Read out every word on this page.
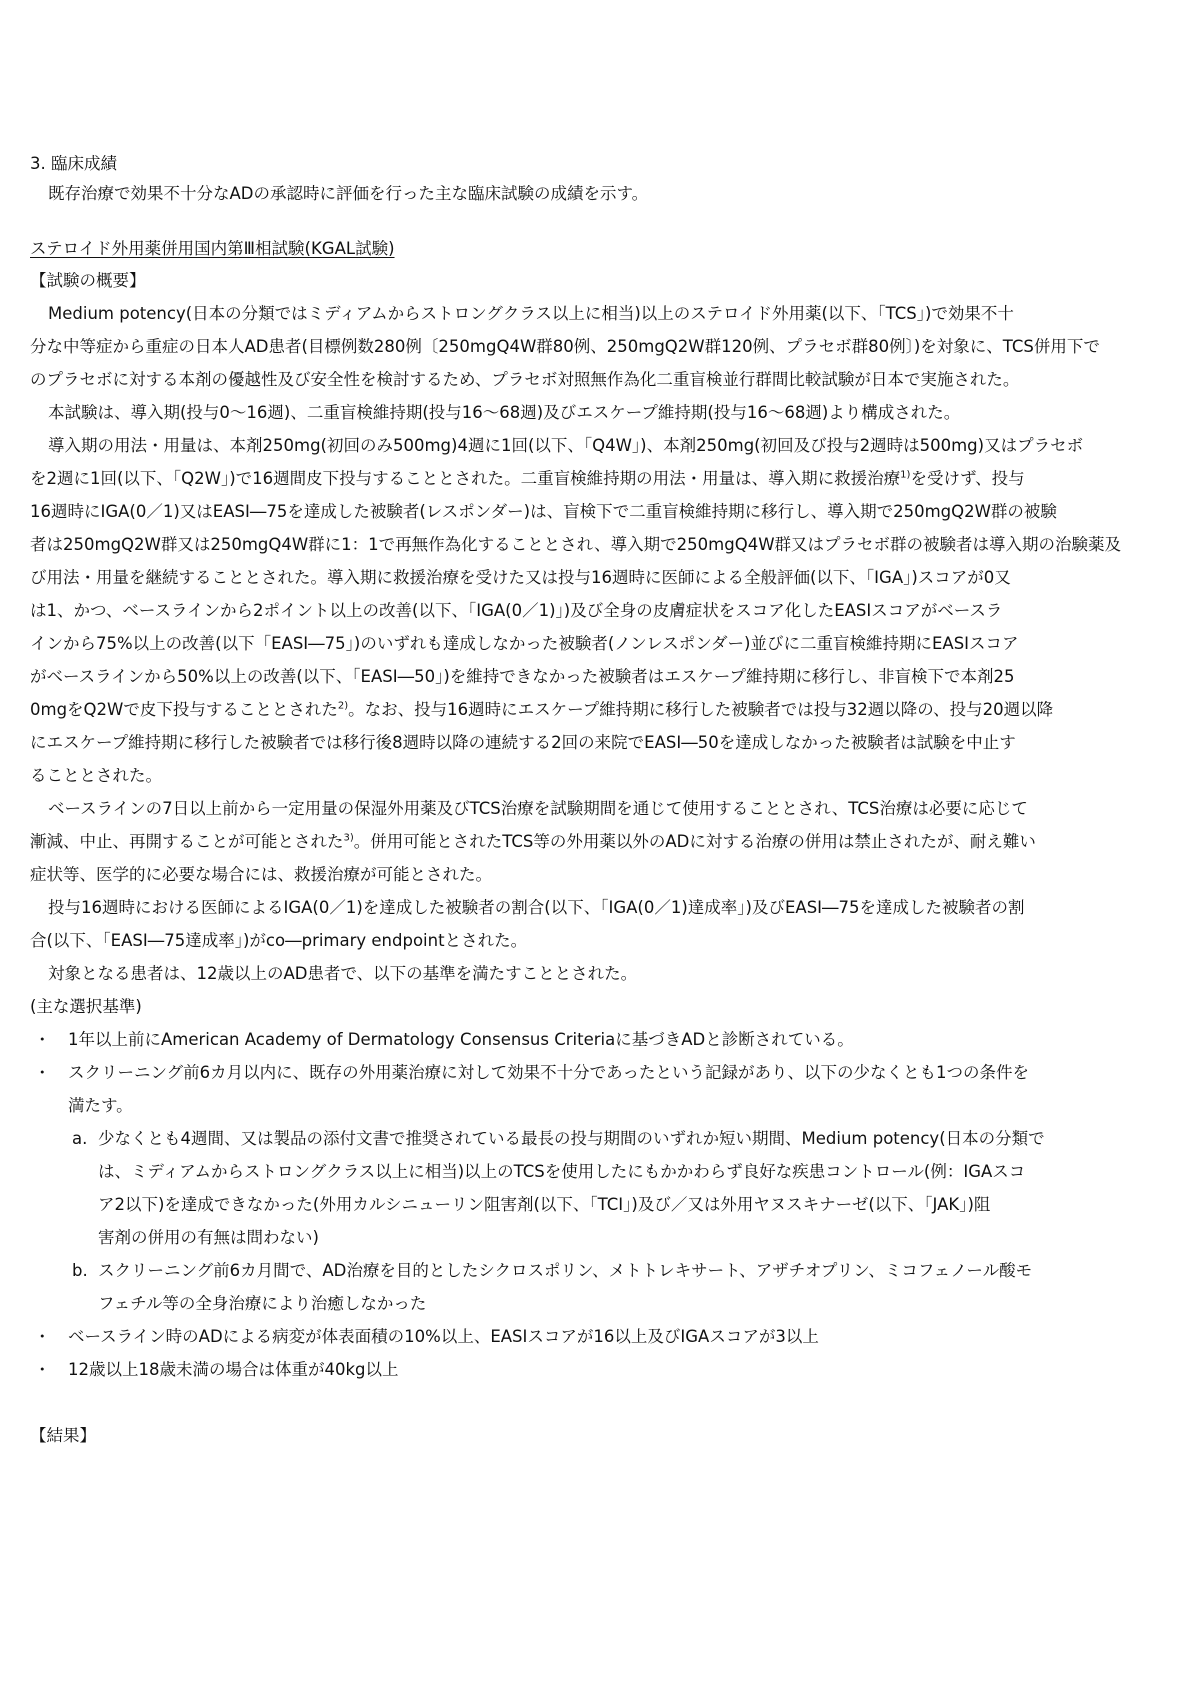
3. 臨床成績
既存治療で効果不十分なADの承認時に評価を行った主な臨床試験の成績を示す。
ステロイド外用薬併用国内第Ⅲ相試験(KGAL試験)
【試験の概要】
Medium potency(日本の分類ではミディアムからストロングクラス以上に相当)以上のステロイド外用薬(以下、「TCS」)で効果不十
分な中等症から重症の日本人AD患者(目標例数280例〔250mgQ4W群80例、250mgQ2W群120例、プラセボ群80例〕)を対象に、TCS併用下で
のプラセボに対する本剤の優越性及び安全性を検討するため、プラセボ対照無作為化二重盲検並行群間比較試験が日本で実施された。
本試験は、導入期(投与0〜16週)、二重盲検維持期(投与16〜68週)及びエスケープ維持期(投与16〜68週)より構成された。
導入期の用法・用量は、本剤250mg(初回のみ500mg)4週に1回(以下、「Q4W」)、本剤250mg(初回及び投与2週時は500mg)又はプラセボ
を2週に1回(以下、「Q2W」)で16週間皮下投与することとされた。二重盲検維持期の用法・用量は、導入期に救援治療$^{1)}$を受けず、投与
16週時にIGA(0／1)又はEASI―75を達成した被験者(レスポンダー)は、盲検下で二重盲検維持期に移行し、導入期で250mgQ2W群の被験
者は250mgQ2W群又は250mgQ4W群に1：1で再無作為化することとされ、導入期で250mgQ4W群又はプラセボ群の被験者は導入期の治験薬及
び用法・用量を継続することとされた。導入期に救援治療を受けた又は投与16週時に医師による全般評価(以下、「IGA」)スコアが0又
は1、かつ、ベースラインから2ポイント以上の改善(以下、「IGA(0／1)」)及び全身の皮膚症状をスコア化したEASIスコアがベースラ
インから75%以上の改善(以下「EASI―75」)のいずれも達成しなかった被験者(ノンレスポンダー)並びに二重盲検維持期にEASIスコア
がベースラインから50%以上の改善(以下、「EASI―50」)を維持できなかった被験者はエスケープ維持期に移行し、非盲検下で本剤25
0mgをQ2Wで皮下投与することとされた$^{2)}$。なお、投与16週時にエスケープ維持期に移行した被験者では投与32週以降の、投与20週以降
にエスケープ維持期に移行した被験者では移行後8週時以降の連続する2回の来院でEASI―50を達成しなかった被験者は試験を中止す
ることとされた。
ベースラインの7日以上前から一定用量の保湿外用薬及びTCS治療を試験期間を通じて使用することとされ、TCS治療は必要に応じて
漸減、中止、再開することが可能とされた$^{3)}$。併用可能とされたTCS等の外用薬以外のADに対する治療の併用は禁止されたが、耐え難い
症状等、医学的に必要な場合には、救援治療が可能とされた。
投与16週時における医師によるIGA(0／1)を達成した被験者の割合(以下、「IGA(0／1)達成率」)及びEASI―75を達成した被験者の割
合(以下、「EASI―75達成率」)がco―primary endpointとされた。
対象となる患者は、12歳以上のAD患者で、以下の基準を満たすこととされた。
(主な選択基準)
・ 1年以上前にAmerican Academy of Dermatology Consensus Criteriaに基づきADと診断されている。
・ スクリーニング前6カ月以内に、既存の外用薬治療に対して効果不十分であったという記録があり、以下の少なくとも1つの条件を
満たす。
a. 少なくとも4週間、又は製品の添付文書で推奨されている最長の投与期間のいずれか短い期間、Medium potency(日本の分類で
は、ミディアムからストロングクラス以上に相当)以上のTCSを使用したにもかかわらず良好な疾患コントロール(例：IGAスコ
ア2以下)を達成できなかった(外用カルシニューリン阻害剤(以下、「TCI」)及び／又は外用ヤヌスキナーゼ(以下、「JAK」)阻
害剤の併用の有無は問わない)
b. スクリーニング前6カ月間で、AD治療を目的としたシクロスポリン、メトトレキサート、アザチオプリン、ミコフェノール酸モ
フェチル等の全身治療により治癒しなかった
・ ベースライン時のADによる病変が体表面積の10%以上、EASIスコアが16以上及びIGAスコアが3以上
・ 12歳以上18歳未満の場合は体重が40kg以上
【結果】
